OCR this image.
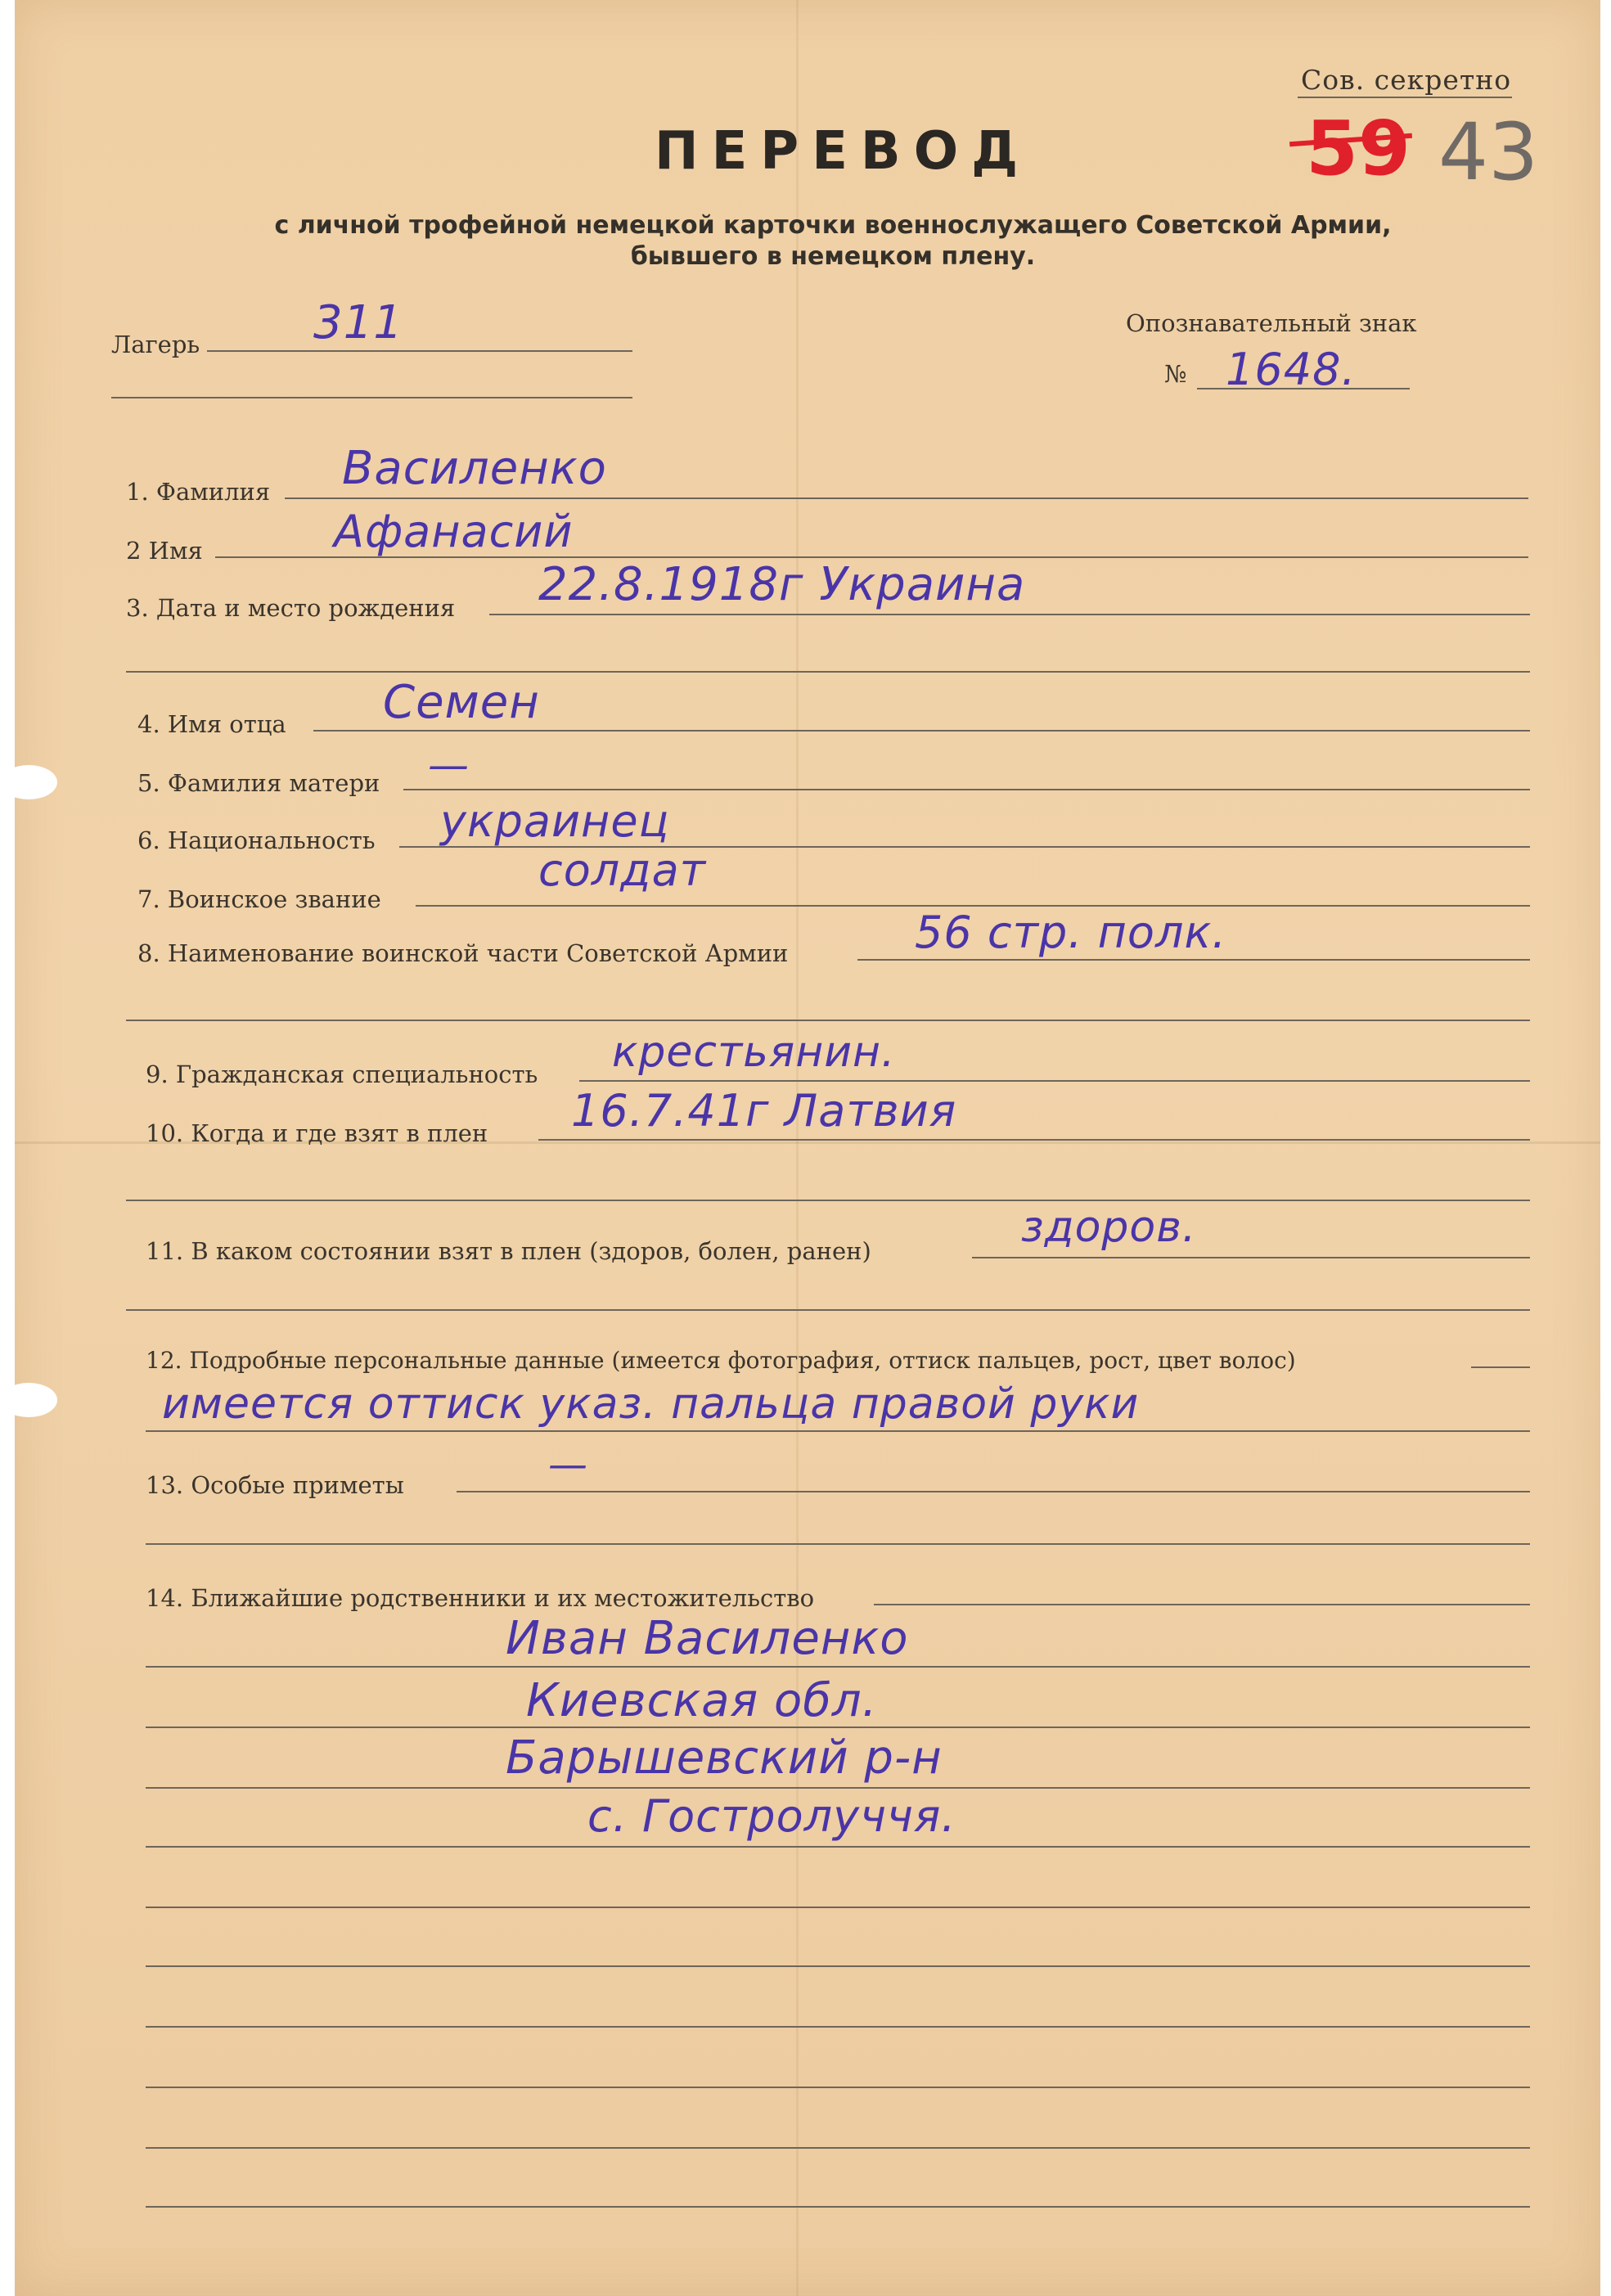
Сов. секретно
59 43
ПЕРЕВОД
с личной трофейной немецкой карточки военнослужащего Советской Армии,
бывшего в немецком плену.
Лагерь 311	Опознавательный знак
№ 1648.
1. Фамилия Василенко
2 Имя	Афанасий
3. Дата и место рождения 22.8.1918г Украина
4. Имя отца Семен
5. Фамилия матери —
6. Национальность украинец
7. Воинское звание
солдат
8. Наименование воинской части Советской Армии	56 стр. полк.
9. Гражданская специальность крестьянин.
10. Когда и где взят в плен 16.7.41г Латвия
11. В каком состоянии взят в плен (здоров, болен, ранен)	здоров.
12. Подробные персональные данные (имеется фотография, оттиск пальцев, рост, цвет волос)
имеется оттиск указ. пальца правой руки
13. Особые приметы	—
14. Ближайшие родственники и их местожительство
Иван Василенко
Киевская обл.
Барышевский р-н
с. Гостролуччя.
